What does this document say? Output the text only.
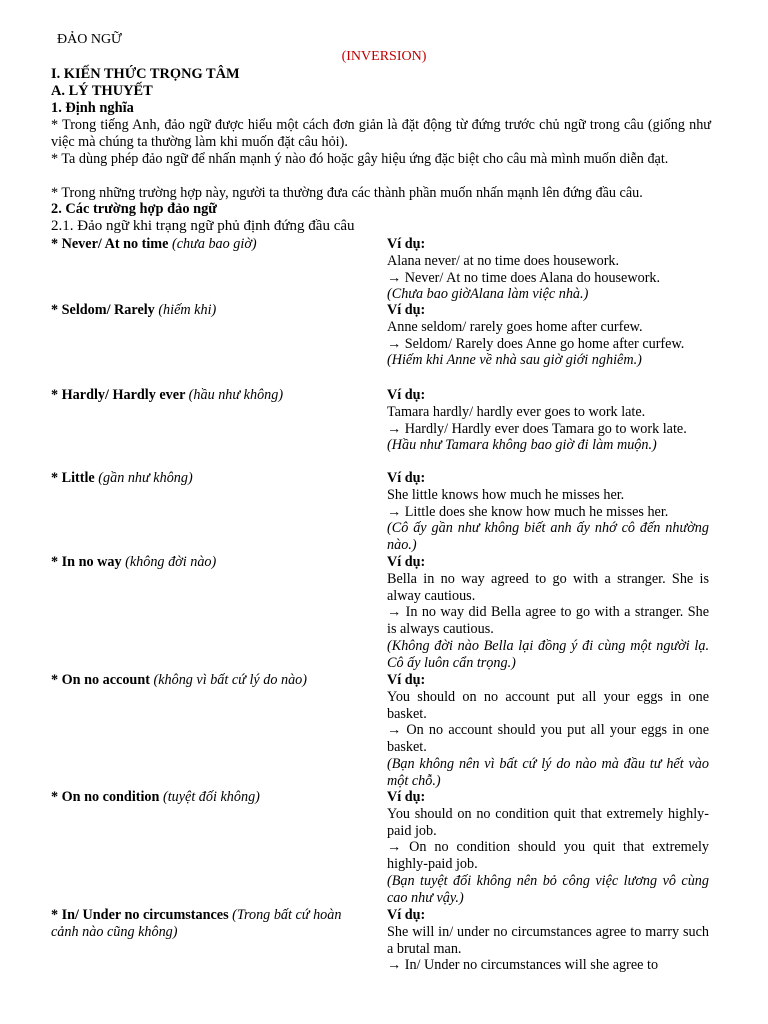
ĐẢO NGỮ
(INVERSION)
I. KIẾN THỨC TRỌNG TÂM
A. LÝ THUYẾT
1. Định nghĩa
* Trong tiếng Anh, đảo ngữ được hiểu một cách đơn giản là đặt động từ đứng trước chủ ngữ trong câu (giống như việc mà chúng ta thường làm khi muốn đặt câu hỏi).
* Ta dùng phép đảo ngữ để nhấn mạnh ý nào đó hoặc gây hiệu ứng đặc biệt cho câu mà mình muốn diễn đạt.
* Trong những trường hợp này, người ta thường đưa các thành phần muốn nhấn mạnh lên đứng đầu câu.
2. Các trường hợp đảo ngữ
2.1. Đảo ngữ khi trạng ngữ phủ định đứng đầu câu
* Never/ At no time (chưa bao giờ)	Ví dụ:
Alana never/ at no time does housework.
→ Never/ At no time does Alana do housework.
(Chưa bao giờAlana làm việc nhà.)
* Seldom/ Rarely (hiếm khi)	Ví dụ:
Anne seldom/ rarely goes home after curfew.
→ Seldom/ Rarely does Anne go home after curfew.
(Hiếm khi Anne về nhà sau giờ giới nghiêm.)
* Hardly/ Hardly ever (hầu như không)	Ví dụ:
Tamara hardly/ hardly ever goes to work late.
→ Hardly/ Hardly ever does Tamara go to work late.
(Hầu như Tamara không bao giờ đi làm muộn.)
* Little (gần như không)	Ví dụ:
She little knows how much he misses her.
→ Little does she know how much he misses her.
(Cô ấy gần như không biết anh ấy nhớ cô đến nhường nào.)
* In no way (không đời nào)	Ví dụ:
Bella in no way agreed to go with a stranger. She is alway cautious.
→ In no way did Bella agree to go with a stranger. She is always cautious.
(Không đời nào Bella lại đồng ý đi cùng một người lạ. Cô ấy luôn cẩn trọng.)
* On no account (không vì bất cứ lý do nào)	Ví dụ:
You should on no account put all your eggs in one basket.
→ On no account should you put all your eggs in one basket.
(Bạn không nên vì bất cứ lý do nào mà đầu tư hết vào một chỗ.)
* On no condition (tuyệt đối không)	Ví dụ:
You should on no condition quit that extremely highly-paid job.
→ On no condition should you quit that extremely highly-paid job.
(Bạn tuyệt đối không nên bỏ công việc lương vô cùng cao như vậy.)
* In/ Under no circumstances (Trong bất cứ hoàn cảnh nào cũng không)
Ví dụ:
She will in/ under no circumstances agree to marry such a brutal man.
→ In/ Under no circumstances will she agree to
